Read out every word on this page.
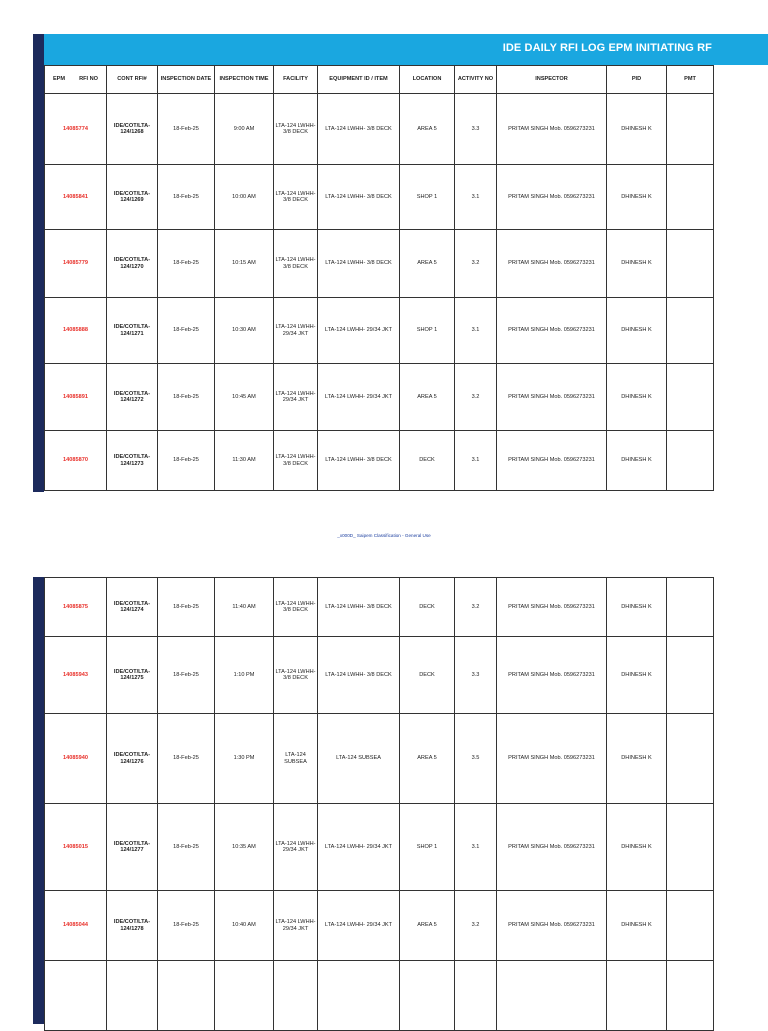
IDE DAILY RFI LOG EPM INITIATING RF
EPM RFI NO	CONT RFI#	INSPECTION DATE	INSPECTION TIME	FACILITY	EQUIPMENT ID / ITEM	LOCATION	ACTIVITY NO	INSPECTOR	PID	PMT
14085774	IDE/COT/LTA-124/1268	18-Feb-25	9:00 AM	LTA-124 LWHH- 3/8 DECK	LTA-124 LWHH- 3/8 DECK	AREA 5	3.3	PRITAM SINGH Mob. 0596273231	DHINESH K	
14085841	IDE/COT/LTA-124/1269	18-Feb-25	10:00 AM	LTA-124 LWHH- 3/8 DECK	LTA-124 LWHH- 3/8 DECK	SHOP 1	3.1	PRITAM SINGH Mob. 0596273231	DHINESH K	
14085779	IDE/COT/LTA-124/1270	18-Feb-25	10:15 AM	LTA-124 LWHH- 3/8 DECK	LTA-124 LWHH- 3/8 DECK	AREA 5	3.2	PRITAM SINGH Mob. 0596273231	DHINESH K	
14085888	IDE/COT/LTA-124/1271	18-Feb-25	10:30 AM	LTA-124 LWHH- 29/34 JKT	LTA-124 LWHH- 29/34 JKT	SHOP 1	3.1	PRITAM SINGH Mob. 0596273231	DHINESH K	
14085891	IDE/COT/LTA-124/1272	18-Feb-25	10:45 AM	LTA-124 LWHH- 29/34 JKT	LTA-124 LWHH- 29/34 JKT	AREA 5	3.2	PRITAM SINGH Mob. 0596273231	DHINESH K	
14085870	IDE/COT/LTA-124/1273	18-Feb-25	11:30 AM	LTA-124 LWHH- 3/8 DECK	LTA-124 LWHH- 3/8 DECK	DECK	3.1	PRITAM SINGH Mob. 0596273231	DHINESH K	
_x000D_ Saipem Classification - General Use
14085875	IDE/COT/LTA-124/1274	18-Feb-25	11:40 AM	LTA-124 LWHH- 3/8 DECK	LTA-124 LWHH- 3/8 DECK	DECK	3.2	PRITAM SINGH Mob. 0596273231	DHINESH K	
14085943	IDE/COT/LTA-124/1275	18-Feb-25	1:10 PM	LTA-124 LWHH- 3/8 DECK	LTA-124 LWHH- 3/8 DECK	DECK	3.3	PRITAM SINGH Mob. 0596273231	DHINESH K	
14085940	IDE/COT/LTA-124/1276	18-Feb-25	1:30 PM	LTA-124 SUBSEA	LTA-124 SUBSEA	AREA 5	3.5	PRITAM SINGH Mob. 0596273231	DHINESH K	
14085015	IDE/COT/LTA-124/1277	18-Feb-25	10:35 AM	LTA-124 LWHH- 29/34 JKT	LTA-124 LWHH- 29/34 JKT	SHOP 1	3.1	PRITAM SINGH Mob. 0596273231	DHINESH K	
14085044	IDE/COT/LTA-124/1278	18-Feb-25	10:40 AM	LTA-124 LWHH- 29/34 JKT	LTA-124 LWHH- 29/34 JKT	AREA 5	3.2	PRITAM SINGH Mob. 0596273231	DHINESH K	
